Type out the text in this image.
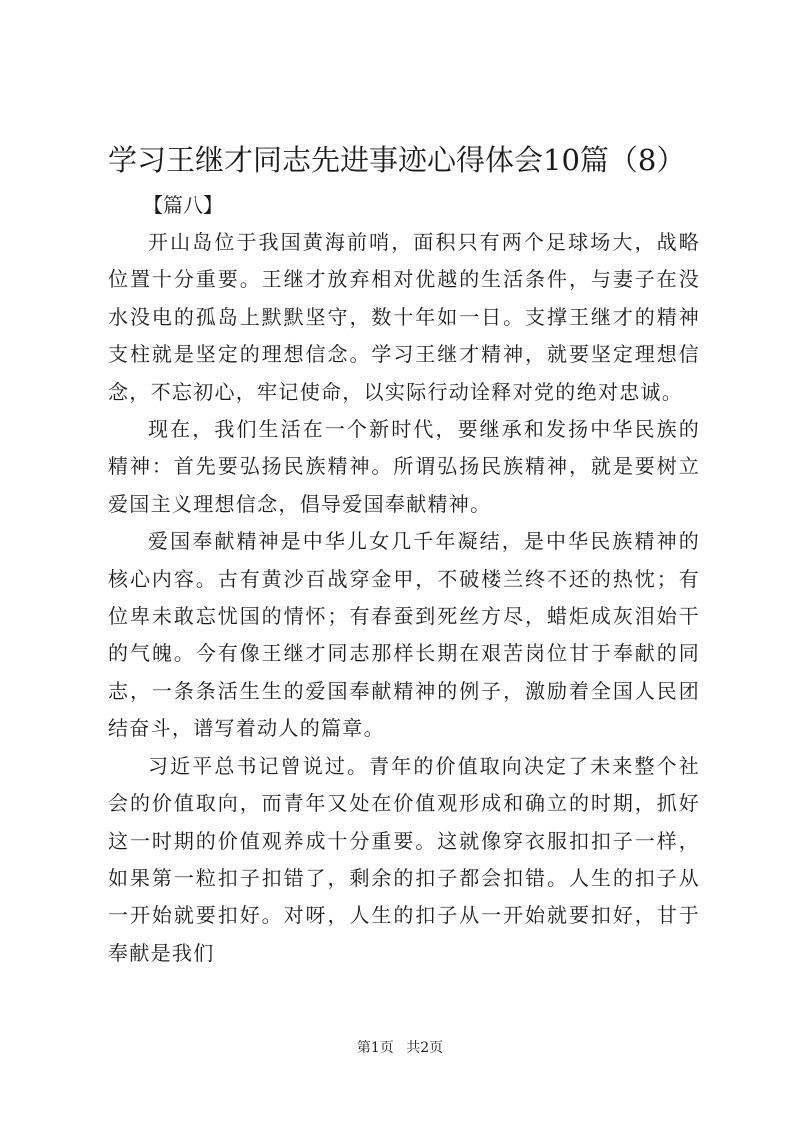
学习王继才同志先进事迹心得体会10篇（8）

【篇八】

开山岛位于我国黄海前哨，面积只有两个足球场大，战略位置十分重要。王继才放弃相对优越的生活条件，与妻子在没水没电的孤岛上默默坚守，数十年如一日。支撑王继才的精神支柱就是坚定的理想信念。学习王继才精神，就要坚定理想信念，不忘初心，牢记使命，以实际行动诠释对党的绝对忠诚。

现在，我们生活在一个新时代，要继承和发扬中华民族的精神：首先要弘扬民族精神。所谓弘扬民族精神，就是要树立爱国主义理想信念，倡导爱国奉献精神。

爱国奉献精神是中华儿女几千年凝结，是中华民族精神的核心内容。古有黄沙百战穿金甲，不破楼兰终不还的热忱；有位卑未敢忘忧国的情怀；有春蚕到死丝方尽，蜡炬成灰泪始干的气魄。今有像王继才同志那样长期在艰苦岗位甘于奉献的同志，一条条活生生的爱国奉献精神的例子，激励着全国人民团结奋斗，谱写着动人的篇章。

习近平总书记曾说过。青年的价值取向决定了未来整个社会的价值取向，而青年又处在价值观形成和确立的时期，抓好这一时期的价值观养成十分重要。这就像穿衣服扣扣子一样，如果第一粒扣子扣错了，剩余的扣子都会扣错。人生的扣子从一开始就要扣好。对呀，人生的扣子从一开始就要扣好，甘于奉献是我们

第1页 共2页
